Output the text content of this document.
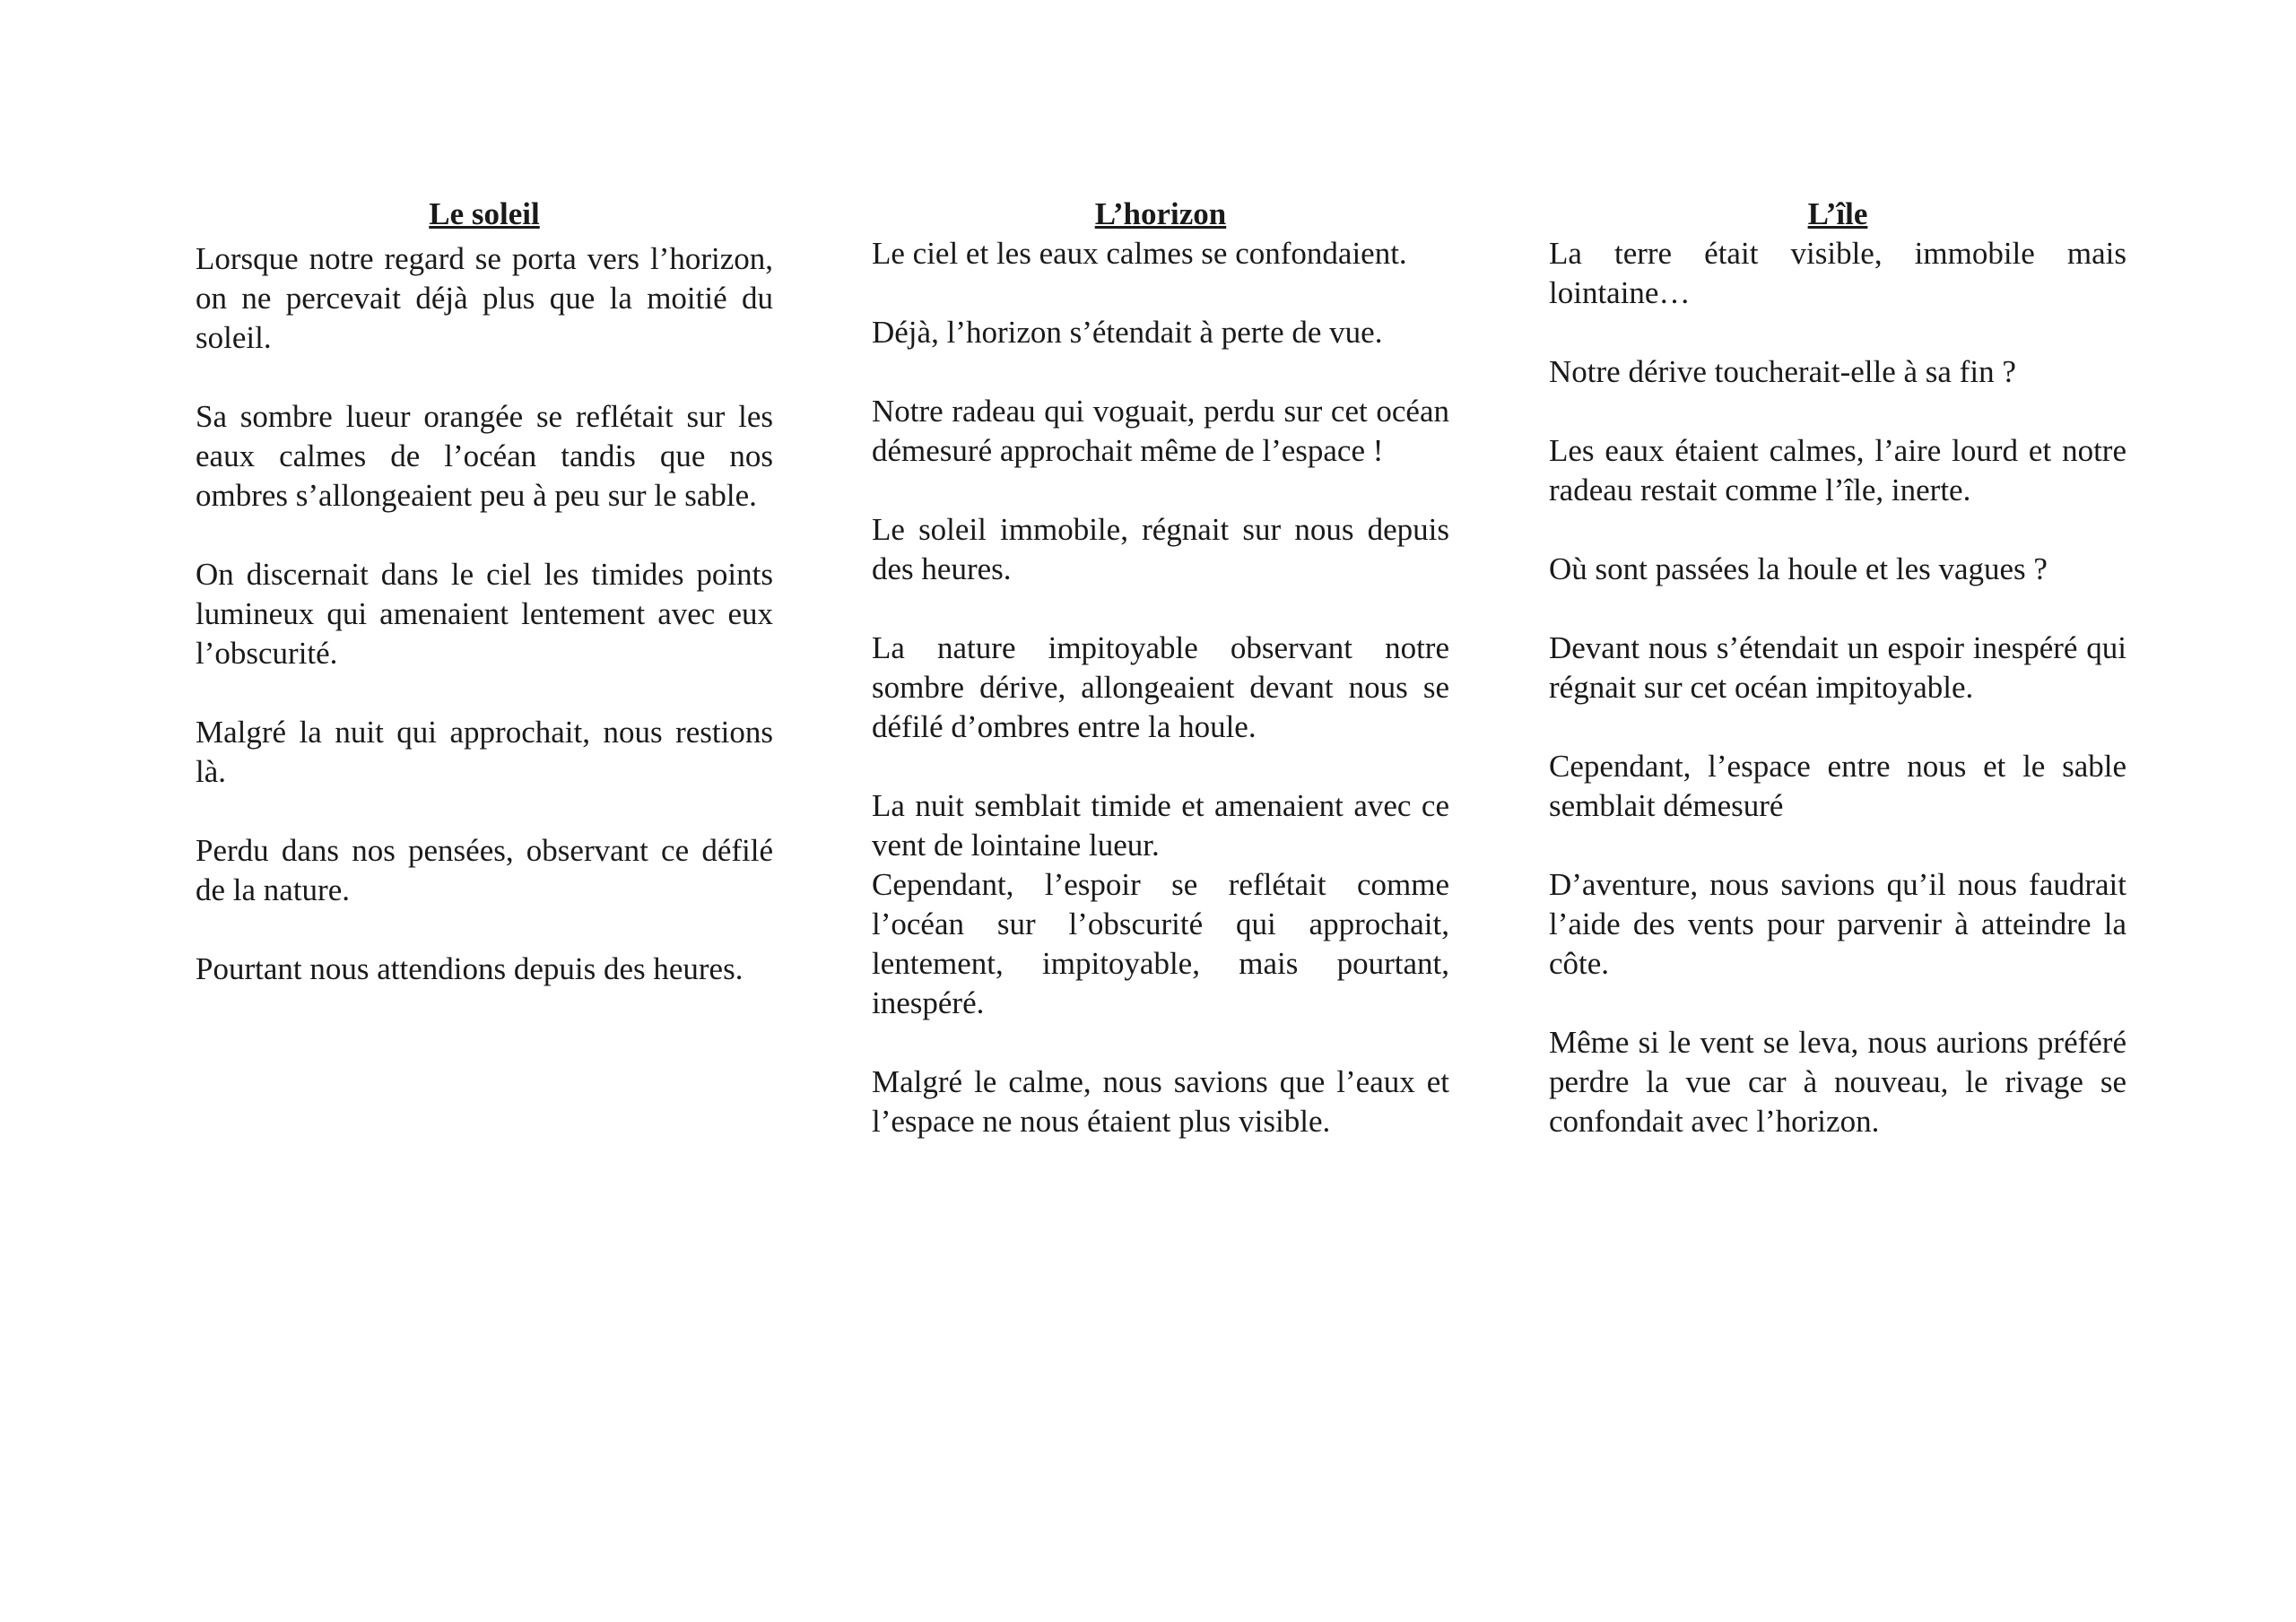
Le soleil

Lorsque notre regard se porta vers l’horizon, on ne percevait déjà plus que la moitié du soleil.

Sa sombre lueur orangée se reflétait sur les eaux calmes de l’océan tandis que nos ombres s’allongeaient peu à peu sur le sable.

On discernait dans le ciel les timides points lumineux qui amenaient lentement avec eux l’obscurité.

Malgré la nuit qui approchait, nous restions là.

Perdu dans nos pensées, observant ce défilé de la nature.

Pourtant nous attendions depuis des heures.

L’horizon

Le ciel et les eaux calmes se confondaient.

Déjà, l’horizon s’étendait à perte de vue.

Notre radeau qui voguait, perdu sur cet océan démesuré approchait même de l’espace !

Le soleil immobile, régnait sur nous depuis des heures.

La nature impitoyable observant notre sombre dérive, allongeaient devant nous se défilé d’ombres entre la houle.

La nuit semblait timide et amenaient avec ce vent de lointaine lueur.

Cependant, l’espoir se reflétait comme l’océan sur l’obscurité qui approchait, lentement, impitoyable, mais pourtant, inespéré.

Malgré le calme, nous savions que l’eaux et l’espace ne nous étaient plus visible.

L’île

La terre était visible, immobile mais lointaine…

Notre dérive toucherait-elle à sa fin ?

Les eaux étaient calmes, l’aire lourd et notre radeau restait comme l’île, inerte.

Où sont passées la houle et les vagues ?

Devant nous s’étendait un espoir inespéré qui régnait sur cet océan impitoyable.

Cependant, l’espace entre nous et le sable semblait démesuré

D’aventure, nous savions qu’il nous faudrait l’aide des vents pour parvenir à atteindre la côte.

Même si le vent se leva, nous aurions préféré perdre la vue car à nouveau, le rivage se confondait avec l’horizon.
